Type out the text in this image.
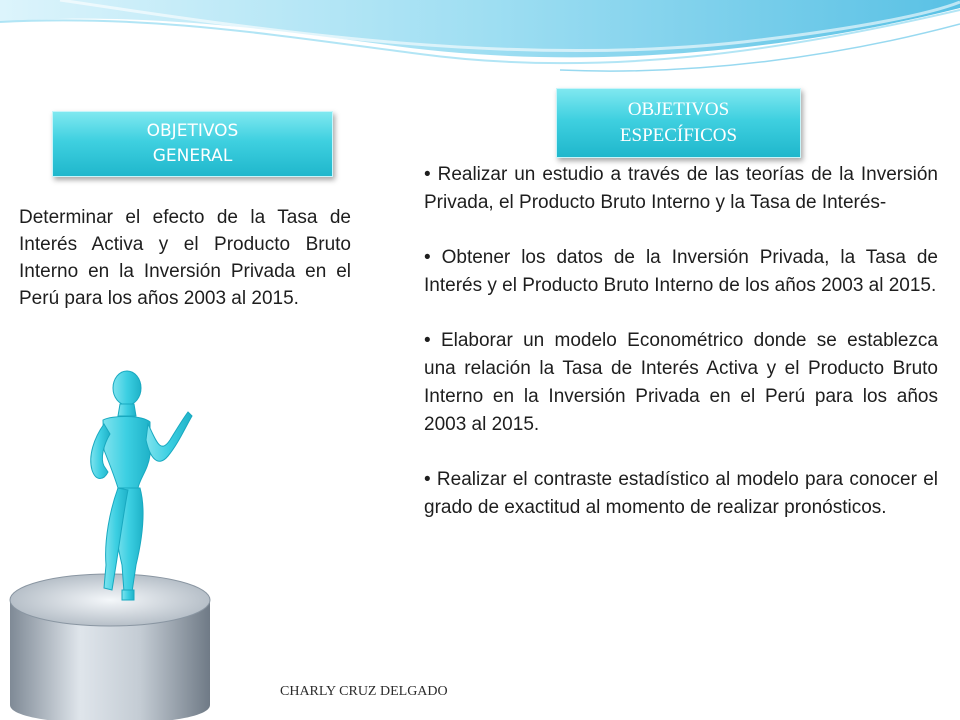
OBJETIVOS
GENERAL
OBJETIVOS
ESPECÍFICOS
Determinar el efecto de la Tasa de Interés Activa y el Producto Bruto Interno en la Inversión Privada en el Perú para los años 2003 al 2015.

• Realizar un estudio a través de las teorías de la Inversión Privada, el Producto Bruto Interno y la Tasa de Interés-

• Obtener los datos de la Inversión Privada, la Tasa de Interés y el Producto Bruto Interno de los años 2003 al 2015.

• Elaborar un modelo Econométrico donde se establezca una relación la Tasa de Interés Activa y el Producto Bruto Interno en la Inversión Privada en el Perú para los años 2003 al 2015.

• Realizar el contraste estadístico al modelo para conocer el grado de exactitud al momento de realizar pronósticos.

CHARLY CRUZ DELGADO
